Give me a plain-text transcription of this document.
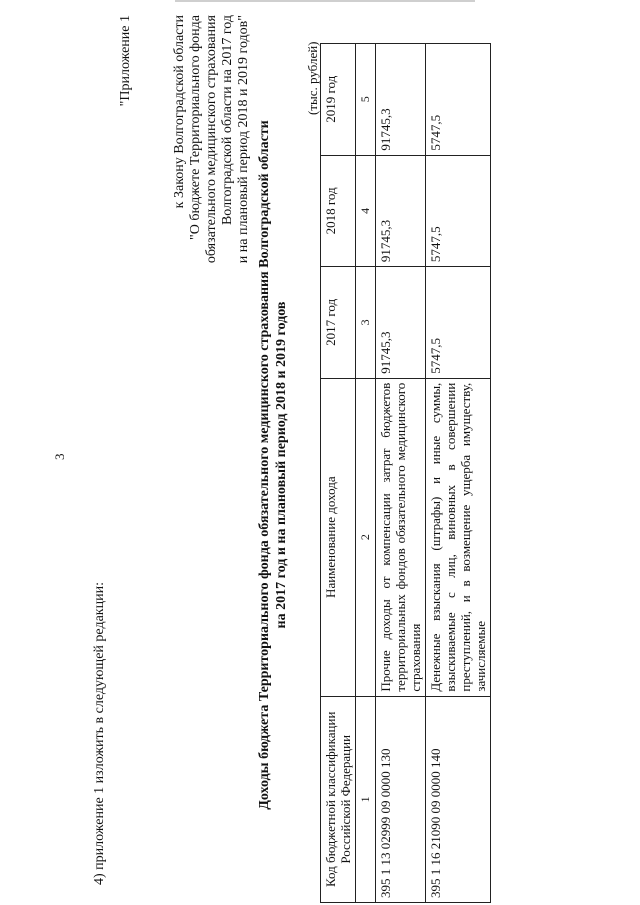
3
4) приложение 1 изложить в следующей редакции:
"Приложение 1	к Закону Волгоградской области "О бюджете Территориального фонда обязательного медицинского страхования Волгоградской области на 2017 год и на плановый период 2018 и 2019 годов" Доходы бюджета Территориального фонда обязательного медицинского страхования Волгоградской области на 2017 год и на плановый период 2018 и 2019 годов
(тыс. рублей)
Код бюджетной классификации Российской Федерации	Наименование дохода	2017 год	2018 год	2019 год
1	2	3	4	5
395 1 13 02999 09 0000 130	Прочие доходы от компенсации затрат бюджетов территориальных фондов обязательного медицинского страхования	91745,3	91745,3	91745,3
395 1 16 21090 09 0000 140	Денежные взыскания (штрафы) и иные суммы, взыскиваемые с лиц, виновных в совершении преступлений, и в возмещение ущерба имуществу, зачисляемые	5747,5	5747,5	5747,5
